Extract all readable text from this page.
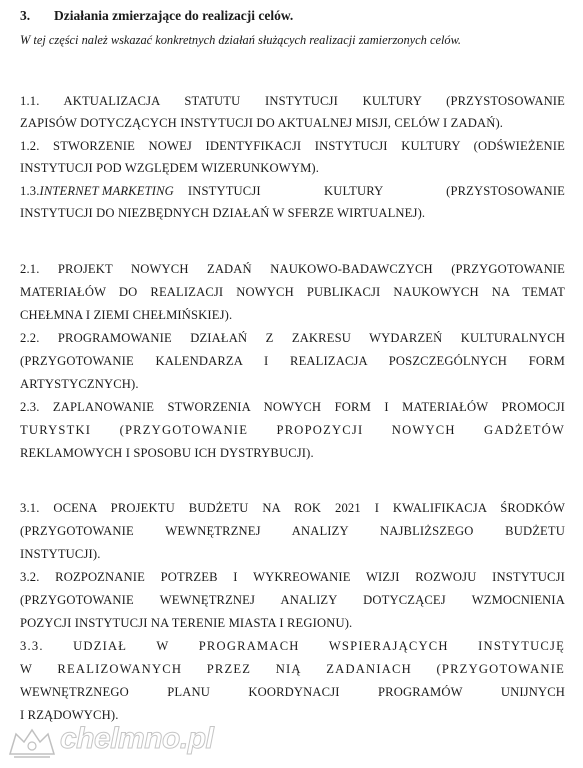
3. Działania zmierzające do realizacji celów.
W tej części należ wskazać konkretnych działań służących realizacji zamierzonych celów.
1.1. AKTUALIZACJA STATUTU INSTYTUCJI KULTURY (PRZYSTOSOWANIE
ZAPISÓW DOTYCZĄCYCH INSTYTUCJI DO AKTUALNEJ MISJI, CELÓW I ZADAŃ).
1.2. STWORZENIE NOWEJ IDENTYFIKACJI INSTYTUCJI KULTURY (ODŚWIEŻENIE
INSTYTUCJI POD WZGLĘDEM WIZERUNKOWYM).
1.3. INTERNET MARKETING INSTYTUCJI KULTURY (PRZYSTOSOWANIE
INSTYTUCJI DO NIEZBĘDNYCH DZIAŁAŃ W SFERZE WIRTUALNEJ).
2.1. PROJEKT NOWYCH ZADAŃ NAUKOWO-BADAWCZYCH (PRZYGOTOWANIE
MATERIAŁÓW DO REALIZACJI NOWYCH PUBLIKACJI NAUKOWYCH NA TEMAT
CHEŁMNA I ZIEMI CHEŁMIŃSKIEJ).
2.2. PROGRAMOWANIE DZIAŁAŃ Z ZAKRESU WYDARZEŃ KULTURALNYCH
(PRZYGOTOWANIE KALENDARZA I REALIZACJA POSZCZEGÓLNYCH FORM
ARTYSTYCZNYCH).
2.3. ZAPLANOWANIE STWORZENIA NOWYCH FORM I MATERIAŁÓW PROMOCJI
TURYSTKI (PRZYGOTOWANIE PROPOZYCJI NOWYCH GADŻETÓW
REKLAMOWYCH I SPOSOBU ICH DYSTRYBUCJI).
3.1. OCENA PROJEKTU BUDŻETU NA ROK 2021 I KWALIFIKACJA ŚRODKÓW
(PRZYGOTOWANIE WEWNĘTRZNEJ ANALIZY NAJBLIŻSZEGO BUDŻETU
INSTYTUCJI).
3.2. ROZPOZNANIE POTRZEB I WYKREOWANIE WIZJI ROZWOJU INSTYTUCJI
(PRZYGOTOWANIE WEWNĘTRZNEJ ANALIZY DOTYCZĄCEJ WZMOCNIENIA
POZYCJI INSTYTUCJI NA TERENIE MIASTA I REGIONU).
3.3. UDZIAŁ W PROGRAMACH WSPIERAJĄCYCH INSTYTUCJĘ
W REALIZOWANYCH PRZEZ NIĄ ZADANIACH (PRZYGOTOWANIE
WEWNĘTRZNEGO PLANU KOORDYNACJI PROGRAMÓW UNIJNYCH
I RZĄDOWYCH).
chelmno.pl
